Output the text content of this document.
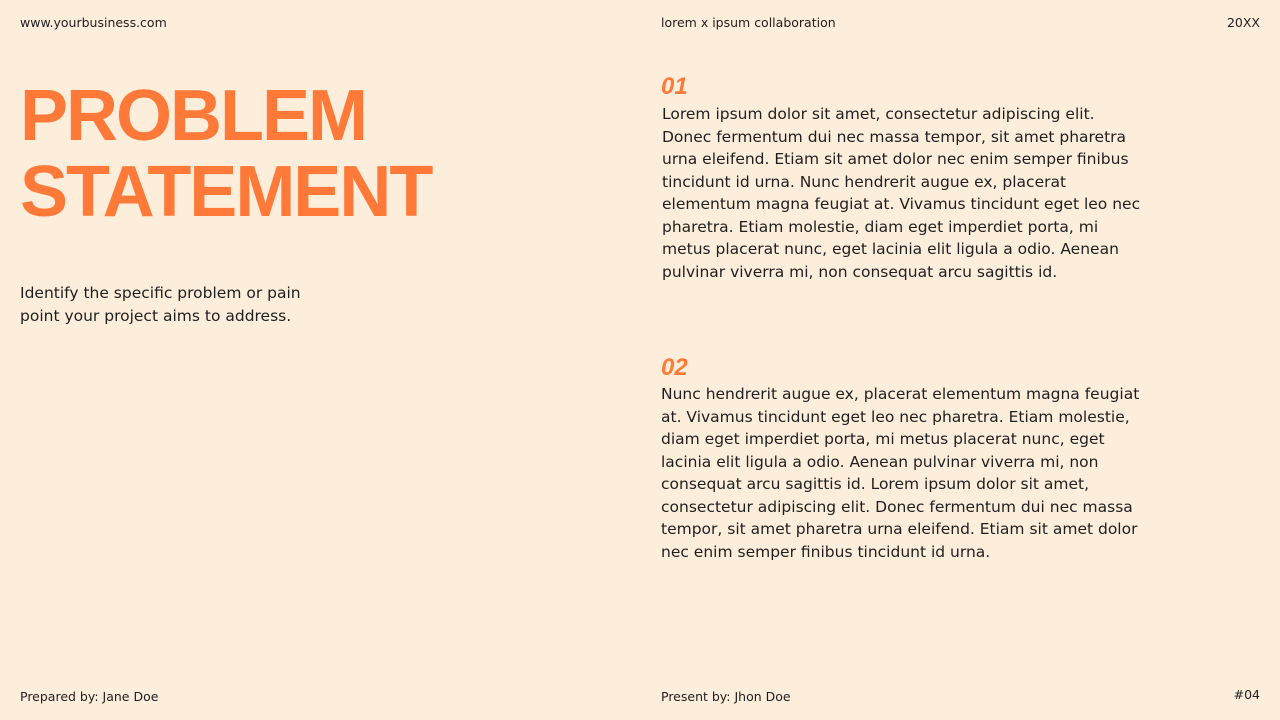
www.yourbusiness.com	lorem x ipsum collaboration	20XX
PROBLEM
STATEMENT

Identify the specific problem or pain point your project aims to address.

01

Lorem ipsum dolor sit amet, consectetur adipiscing elit. Donec fermentum dui nec massa tempor, sit amet pharetra urna eleifend. Etiam sit amet dolor nec enim semper finibus tincidunt id urna. Nunc hendrerit augue ex, placerat elementum magna feugiat at. Vivamus tincidunt eget leo nec pharetra. Etiam molestie, diam eget imperdiet porta, mi metus placerat nunc, eget lacinia elit ligula a odio. Aenean pulvinar viverra mi, non consequat arcu sagittis id.

02

Nunc hendrerit augue ex, placerat elementum magna feugiat at. Vivamus tincidunt eget leo nec pharetra. Etiam molestie, diam eget imperdiet porta, mi metus placerat nunc, eget lacinia elit ligula a odio. Aenean pulvinar viverra mi, non consequat arcu sagittis id. Lorem ipsum dolor sit amet, consectetur adipiscing elit. Donec fermentum dui nec massa tempor, sit amet pharetra urna eleifend. Etiam sit amet dolor nec enim semper finibus tincidunt id urna.

Prepared by: Jane Doe	Present by: Jhon Doe	#04
